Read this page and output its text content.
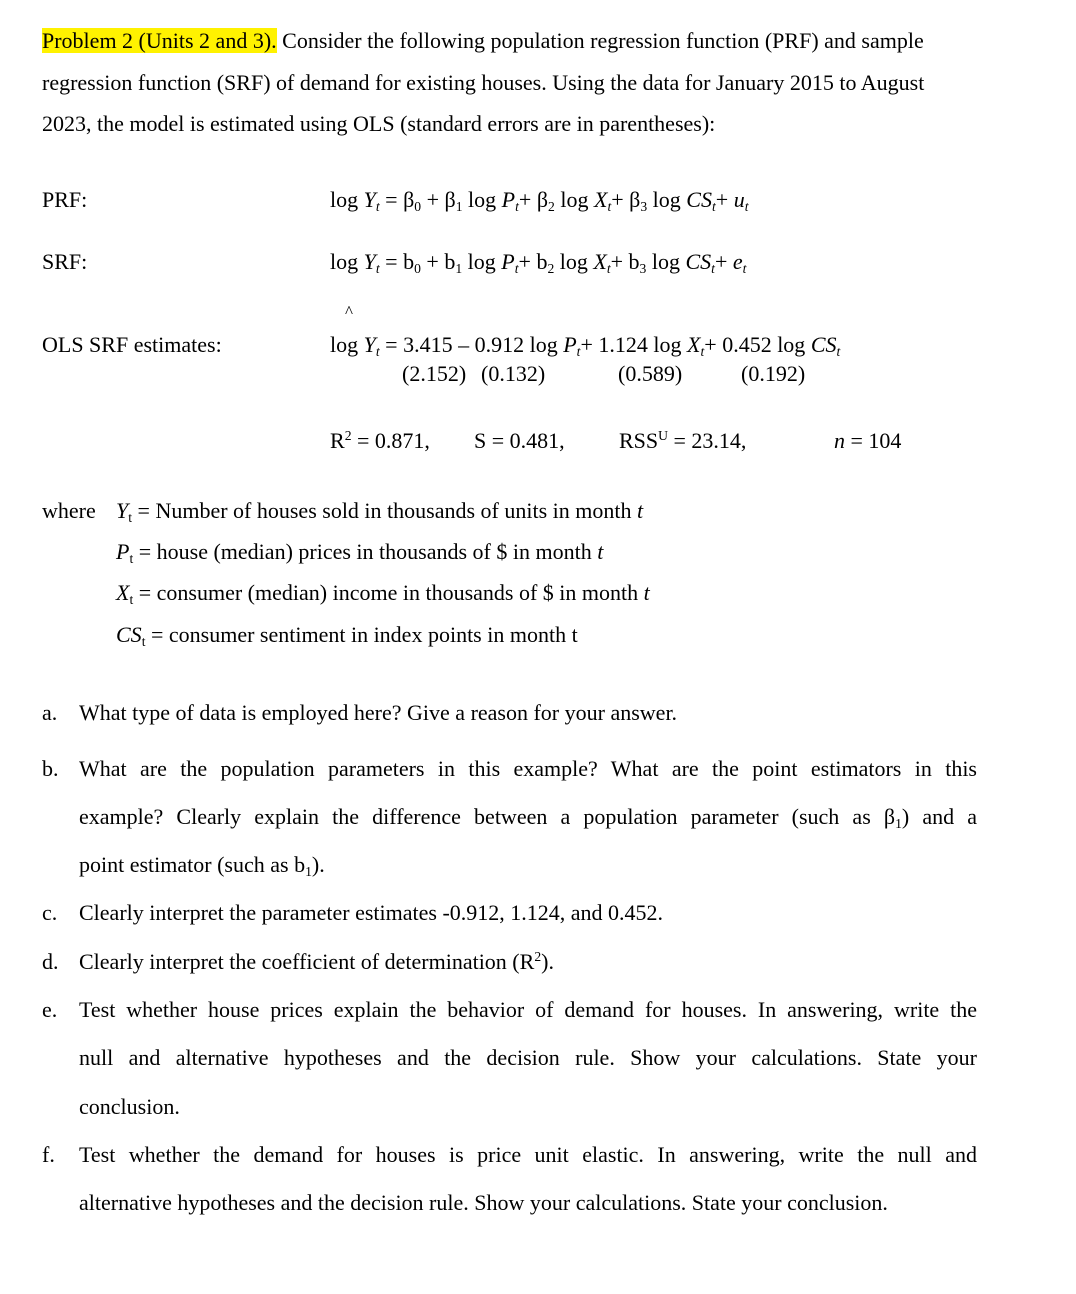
Problem 2 (Units 2 and 3). Consider the following population regression function (PRF) and sample
regression function (SRF) of demand for existing houses. Using the data for January 2015 to August
2023, the model is estimated using OLS (standard errors are in parentheses):
PRF:	$\log Y_t = \beta_0 + \beta_1$ $\log P_t+ \beta_2$ $\log X_t+ \beta_3$ $\log CS_t+ u_t$
SRF:	$\log Y_t = b_0 + b_1$ $\log P_t+ b_2$ $\log X_t+ b_3$ $\log CS_t+ e_t$
^
OLS SRF estimates:	$\log Y_t = 3.415 - 0.912$ $\log P_t+ 1.124$ $\log X_t+ 0.452$ $\log CS_t$
(2.152) (0.132)	(0.589)	(0.192)
$R^2 = 0.871$, S = 0.481, $RSS^U = 23.14$,	n = 104
where $Y_t$ = Number of houses sold in thousands of units in month t
$P_t$ = house (median) prices in thousands of $ in month t
$X_t$ = consumer (median) income in thousands of $ in month t
$CS_t$ = consumer sentiment in index points in month t
a. What type of data is employed here? Give a reason for your answer.
b. What are the population parameters in this example? What are the point estimators in this
example? Clearly explain the difference between a population parameter (such as $\beta_1$) and a
point estimator (such as $b_1$).
c. Clearly interpret the parameter estimates -0.912, 1.124, and 0.452.
d. Clearly interpret the coefficient of determination $(R^2)$.
e. Test whether house prices explain the behavior of demand for houses. In answering, write the
null and alternative hypotheses and the decision rule. Show your calculations. State your
conclusion.
f. Test whether the demand for houses is price unit elastic. In answering, write the null and
alternative hypotheses and the decision rule. Show your calculations. State your conclusion.
